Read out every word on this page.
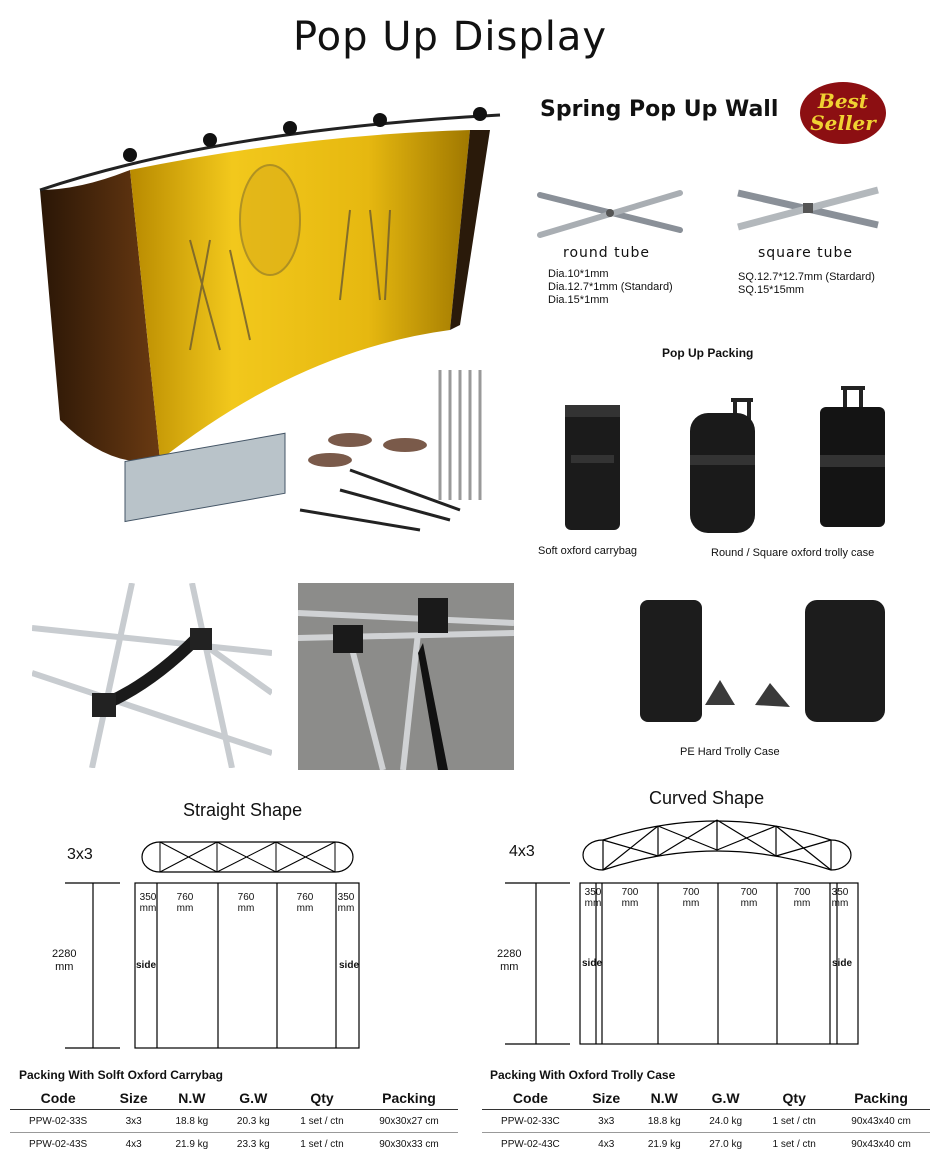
Pop Up Display
Spring Pop Up Wall	Best
Seller
round tube
Dia.10*1mm
Dia.12.7*1mm (Standard)
Dia.15*1mm
square tube
SQ.12.7*12.7mm (Stardard)
SQ.15*15mm
Pop Up Packing
Soft oxford carrybag	Round / Square oxford trolly case
PE Hard Trolly Case
Straight Shape
3x3
2280
mm
350
mm
760
mm
760
mm
760
mm
350
mm
side	side
Curved Shape
4x3
2280
mm
350
mm
700
mm
700
mm
700
mm
700
mm
350
mm
side	side
Packing With Solft Oxford Carrybag
Code	Size	N.W	G.W	Qty	Packing
PPW-02-33S	3x3	18.8 kg	20.3 kg	1 set / ctn	90x30x27 cm
PPW-02-43S	4x3	21.9 kg	23.3 kg	1 set / ctn	90x30x33 cm
Packing With Oxford Trolly Case
Code	Size	N.W	G.W	Qty	Packing
PPW-02-33C	3x3	18.8 kg	24.0 kg	1 set / ctn	90x43x40 cm
PPW-02-43C	4x3	21.9 kg	27.0 kg	1 set / ctn	90x43x40 cm
